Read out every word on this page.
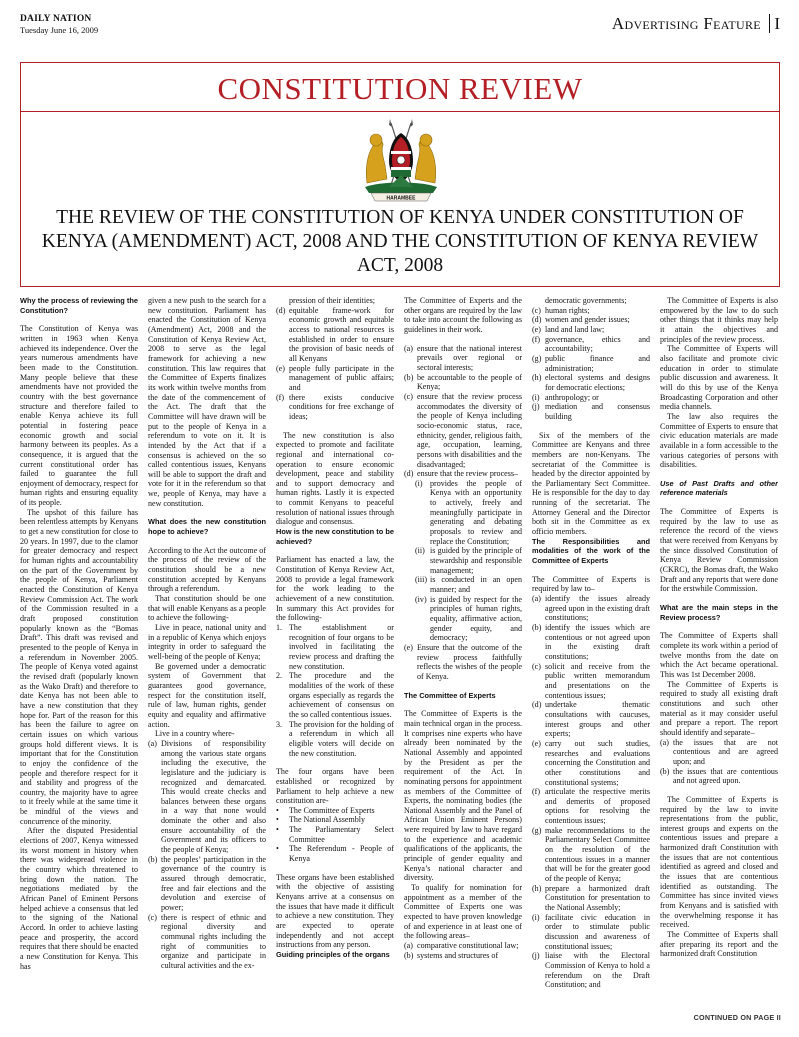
DAILY NATION
Tuesday June 16, 2009	Advertising Feature I
CONSTITUTION REVIEW
HARAMBEE
THE REVIEW OF THE CONSTITUTION OF KENYA UNDER CONSTITUTION OF KENYA (AMENDMENT) ACT, 2008 AND THE CONSTITUTION OF KENYA REVIEW ACT, 2008

Why the process of reviewing the Constitution?

The Constitution of Kenya was written in 1963 when Kenya achieved its independence. Over the years numerous amendments have been made to the Constitution. Many people believe that these amendments have not provided the country with the best governance structure and therefore failed to enable Kenya achieve its full potential in fostering peace economic growth and social harmony between its peoples. As a consequence, it is argued that the current constitutional order has failed to guarantee the full enjoyment of democracy, respect for human rights and ensuring equality of its people.

The upshot of this failure has been relentless attempts by Kenyans to get a new constitution for close to 20 years. In 1997, due to the clamor for greater democracy and respect for human rights and accountability on the part of the Government by the people of Kenya, Parliament enacted the Constitution of Kenya Review Commission Act. The work of the Commission resulted in a draft proposed constitution popularly known as the “Bomas Draft”. This draft was revised and presented to the people of Kenya in a referendum in November 2005. The people of Kenya voted against the revised draft (popularly known as the Wako Draft) and therefore to date Kenya has not been able to have a new constitution that they hope for. Part of the reason for this has been the failure to agree on certain issues on which various groups hold different views. It is important that for the Constitution to enjoy the confidence of the people and therefore respect for it and stability and progress of the country, the majority have to agree to it freely while at the same time it be mindful of the views and concurrence of the minority.

After the disputed Presidential elections of 2007, Kenya witnessed its worst moment in history when there was widespread violence in the country which threatened to bring down the nation. The negotiations mediated by the African Panel of Eminent Persons helped achieve a consensus that led to the signing of the National Accord. In order to achieve lasting peace and prosperity, the accord requires that there should be enacted a new Constitution for Kenya. This has

given a new push to the search for a new constitution. Parliament has enacted the Constitution of Kenya (Amendment) Act, 2008 and the Constitution of Kenya Review Act, 2008 to serve as the legal framework for achieving a new constitution. This law requires that the Committee of Experts finalizes its work within twelve months from the date of the commencement of the Act. The draft that the Committee will have drawn will be put to the people of Kenya in a referendum to vote on it. It is intended by the Act that if a consensus is achieved on the so called contentious issues, Kenyans will be able to support the draft and vote for it in the referendum so that we, people of Kenya, may have a new constitution.

What does the new constitution hope to achieve?

According to the Act the outcome of the process of the review of the constitution should be a new constitution accepted by Kenyans through a referendum.

That constitution should be one that will enable Kenyans as a people to achieve the following-

Live in peace, national unity and in a republic of Kenya which enjoys integrity in order to safeguard the well-being of the people of Kenya;

Be governed under a democratic system of Government that guarantees good governance, respect for the constitution itself, rule of law, human rights, gender equity and equality and affirmative action.

Live in a country where-

(a) Divisions of responsibility among the various state organs including the executive, the legislature and the judiciary is recognized and demarcated. This would create checks and balances between these organs in a way that none would dominate the other and also ensure accountability of the Government and its officers to the people of Kenya;
(b) the peoples’ participation in the governance of the country is assured through democratic, free and fair elections and the devolution and exercise of power;
(c) there is respect of ethnic and regional diversity and communal rights including the right of communities to organize and participate in cultural activities and the ex-
pression of their identities;
(d) equitable frame-work for economic growth and equitable access to national resources is established in order to ensure the provision of basic needs of all Kenyans
(e) people fully participate in the management of public affairs; and
(f) there exists conducive conditions for free exchange of ideas;

The new constitution is also expected to promote and facilitate regional and international co-operation to ensure economic development, peace and stability and to support democracy and human rights. Lastly it is expected to commit Kenyans to peaceful resolution of national issues through dialogue and consensus.

How is the new constitution to be achieved?

Parliament has enacted a law, the Constitution of Kenya Review Act, 2008 to provide a legal framework for the work leading to the achievement of a new constitution. In summary this Act provides for the following-

1. The establishment or recognition of four organs to be involved in facilitating the review process and drafting the new constitution.
2. The procedure and the modalities of the work of these organs especially as regards the achievement of consensus on the so called contentious issues.
3. The provision for the holding of a referendum in which all eligible voters will decide on the new constitution.

The four organs have been established or recognized by Parliament to help achieve a new constitution are-

• The Committee of Experts
• The National Assembly
• The Parliamentary Select Committee
• The Referendum - People of Kenya

These organs have been established with the objective of assisting Kenyans arrive at a consensus on the issues that have made it difficult to achieve a new constitution. They are expected to operate independently and not accept instructions from any person.

Guiding principles of the organs

The Committee of Experts and the other organs are required by the law to take into account the following as guidelines in their work.

(a) ensure that the national interest prevails over regional or sectoral interests;
(b) be accountable to the people of Kenya;
(c) ensure that the review process accommodates the diversity of the people of Kenya including socio-economic status, race, ethnicity, gender, religious faith, age, occupation, learning, persons with disabilities and the disadvantaged;
(d) ensure that the review process–
(i) provides the people of Kenya with an opportunity to actively, freely and meaningfully participate in generating and debating proposals to review and replace the Constitution;
(ii) is guided by the principle of stewardship and responsible management;
(iii) is conducted in an open manner; and
(iv) is guided by respect for the principles of human rights, equality, affirmative action, gender equity, and democracy;
(e) Ensure that the outcome of the review process faithfully reflects the wishes of the people of Kenya.

The Committee of Experts

The Committee of Experts is the main technical organ in the process. It comprises nine experts who have already been nominated by the National Assembly and appointed by the President as per the requirement of the Act. In nominating persons for appointment as members of the Committee of Experts, the nominating bodies (the National Assembly and the Panel of African Union Eminent Persons) were required by law to have regard to the experience and academic qualifications of the applicants, the principle of gender equality and Kenya’s national character and diversity.

To qualify for nomination for appointment as a member of the Committee of Experts one was expected to have proven knowledge of and experience in at least one of the following areas–

(a) comparative constitutional law;
(b) systems and structures of
democratic governments;
(c) human rights;
(d) women and gender issues;
(e) land and land law;
(f) governance, ethics and accountability;
(g) public finance and administration;
(h) electoral systems and designs for democratic elections;
(i) anthropology; or
(j) mediation and consensus building

Six of the members of the Committee are Kenyans and three members are non-Kenyans. The secretariat of the Committee is headed by the director appointed by the Parliamentary Sect Committee. He is responsible for the day to day running of the secretariat. The Attorney General and the Director both sit in the Committee as ex officio members.

The Responsibilities and modalities of the work of the Committee of Experts

The Committee of Experts is required by law to–

(a) identify the issues already agreed upon in the existing draft constitutions;
(b) identify the issues which are contentious or not agreed upon in the existing draft constitutions;
(c) solicit and receive from the public written memorandum and presentations on the contentious issues;
(d) undertake thematic consultations with caucuses, interest groups and other experts;
(e) carry out such studies, researches and evaluations concerning the Constitution and other constitutions and constitutional systems;
(f) articulate the respective merits and demerits of proposed options for resolving the contentious issues;
(g) make recommendations to the Parliamentary Select Committee on the resolution of the contentious issues in a manner that will be for the greater good of the people of Kenya;
(h) prepare a harmonized draft Constitution for presentation to the National Assembly;
(i) facilitate civic education in order to stimulate public discussion and awareness of constitutional issues;
(j) liaise with the Electoral Commission of Kenya to hold a referendum on the Draft Constitution; and

The Committee of Experts is also empowered by the law to do such other things that it thinks may help it attain the objectives and principles of the review process.

The Committee of Experts will also facilitate and promote civic education in order to stimulate public discussion and awareness. It will do this by use of the Kenya Broadcasting Corporation and other media channels.

The law also requires the Committee of Experts to ensure that civic education materials are made available in a form accessible to the various categories of persons with disabilities.

Use of Past Drafts and other reference materials

The Committee of Experts is required by the law to use as reference the record of the views that were received from Kenyans by the since dissolved Constitution of Kenya Review Commission (CKRC), the Bomas draft, the Wako Draft and any reports that were done for the erstwhile Commission.

What are the main steps in the Review process?

The Committee of Experts shall complete its work within a period of twelve months from the date on which the Act became operational. This was 1st December 2008.

The Committee of Experts is required to study all existing draft constitutions and such other material as it may consider useful and prepare a report. The report should identify and separate–

(a) the issues that are not contentious and are agreed upon; and
(b) the issues that are contentious and not agreed upon.

The Committee of Experts is required by the law to invite representations from the public, interest groups and experts on the contentious issues and prepare a harmonized draft Constitution with the issues that are not contentious identified as agreed and closed and the issues that are contentious identified as outstanding. The Committee has since invited views from Kenyans and is satisfied with the overwhelming response it has received.

The Committee of Experts shall after preparing its report and the harmonized draft Constitution

CONTINUED ON PAGE II
